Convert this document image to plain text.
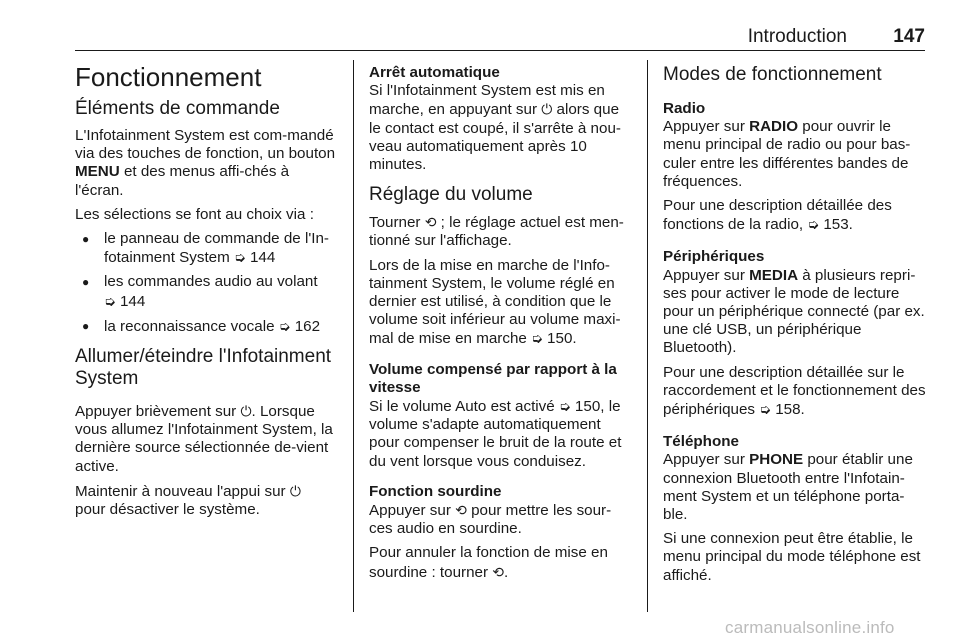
Introduction 147
Fonctionnement
Éléments de commande

L'Infotainment System est com-mandé via des touches de fonction, un bouton MENU et des menus affi-chés à l'écran.

Les sélections se font au choix via :

● le panneau de commande de l'In-fotainment System ➭ 144
● les commandes audio au volant
➭ 144
● la reconnaissance vocale ➭ 162
Allumer/éteindre l'Infotainment System

Appuyer brièvement sur ⏻. Lorsque vous allumez l'Infotainment System, la dernière source sélectionnée de-vient active.

Maintenir à nouveau l'appui sur ⏻
pour désactiver le système.

Arrêt automatique

Si l'Infotainment System est mis en marche, en appuyant sur ⏻ alors que le contact est coupé, il s'arrête à nou-veau automatiquement après 10 minutes.

Réglage du volume

Tourner ⟲ ; le réglage actuel est men-tionné sur l'affichage.

Lors de la mise en marche de l'Info-tainment System, le volume réglé en dernier est utilisé, à condition que le volume soit inférieur au volume maxi-mal de mise en marche ➭ 150.

Volume compensé par rapport à la vitesse

Si le volume Auto est activé ➭ 150, le volume s'adapte automatiquement pour compenser le bruit de la route et du vent lorsque vous conduisez.

Fonction sourdine

Appuyer sur ⟲ pour mettre les sour-ces audio en sourdine.

Pour annuler la fonction de mise en sourdine : tourner ⟲.

Modes de fonctionnement
Radio

Appuyer sur RADIO pour ouvrir le menu principal de radio ou pour bas-culer entre les différentes bandes de fréquences.

Pour une description détaillée des fonctions de la radio, ➭ 153.

Périphériques

Appuyer sur MEDIA à plusieurs repri-ses pour activer le mode de lecture pour un périphérique connecté (par ex. une clé USB, un périphérique Bluetooth).

Pour une description détaillée sur le raccordement et le fonctionnement des périphériques ➭ 158.

Téléphone

Appuyer sur PHONE pour établir une connexion Bluetooth entre l'Infotain-ment System et un téléphone porta-ble.

Si une connexion peut être établie, le menu principal du mode téléphone est affiché.

carmanualsonline.info
